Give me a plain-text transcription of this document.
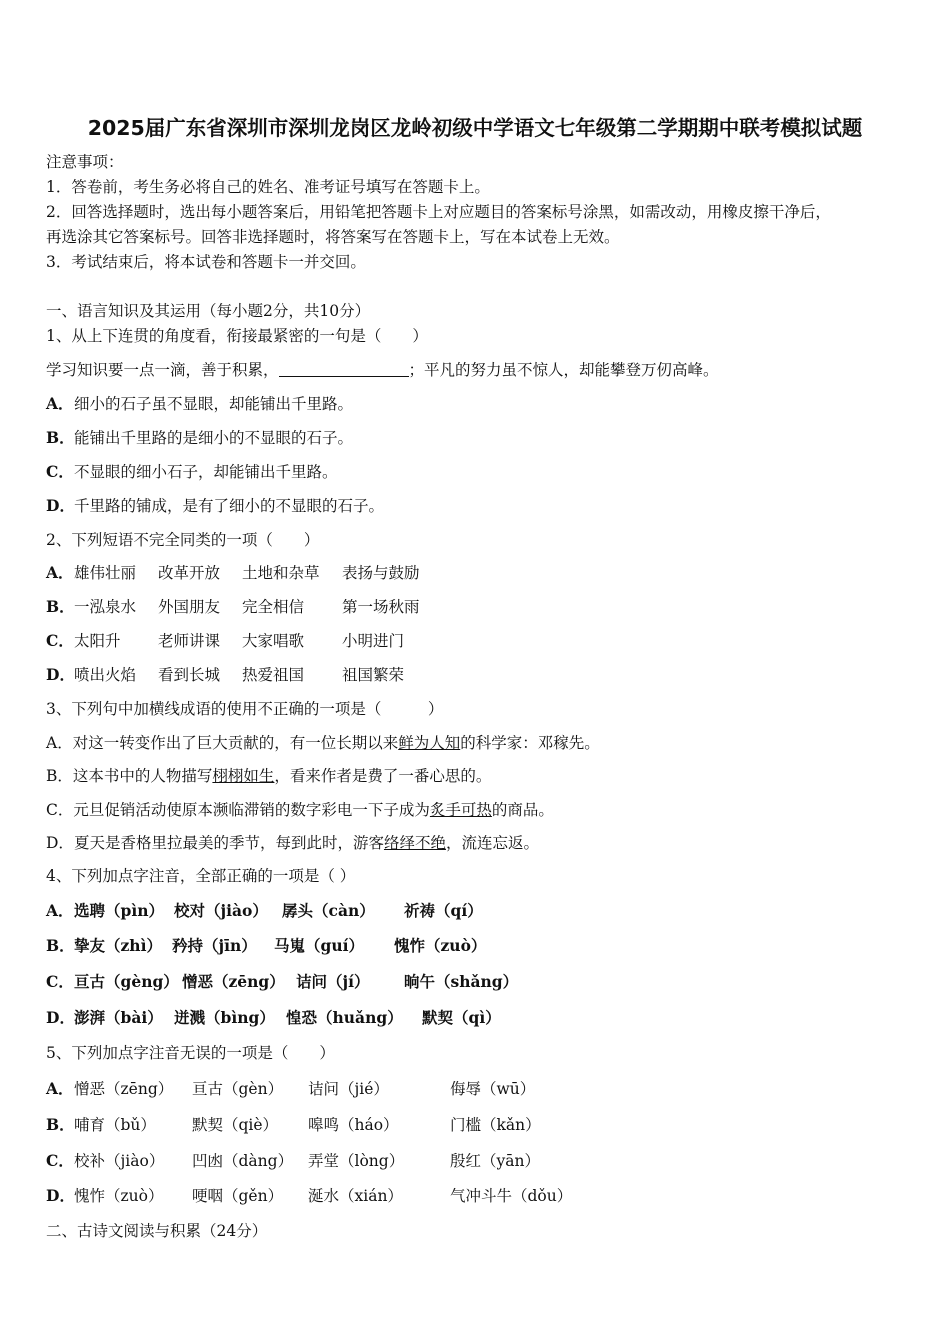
2025届广东省深圳市深圳龙岗区龙岭初级中学语文七年级第二学期期中联考模拟试题
注意事项：
1．答卷前，考生务必将自己的姓名、准考证号填写在答题卡上。
2．回答选择题时，选出每小题答案后，用铅笔把答题卡上对应题目的答案标号涂黑，如需改动，用橡皮擦干净后，
再选涂其它答案标号。回答非选择题时，将答案写在答题卡上，写在本试卷上无效。
3．考试结束后，将本试卷和答题卡一并交回。
一、语言知识及其运用（每小题2分，共10分）
1、从上下连贯的角度看，衔接最紧密的一句是（　　）
学习知识要一点一滴，善于积累，	；平凡的努力虽不惊人，却能攀登万仞高峰。
A．细小的石子虽不显眼，却能铺出千里路。
B．能铺出千里路的是细小的不显眼的石子。
C．不显眼的细小石子，却能铺出千里路。
D．千里路的铺成，是有了细小的不显眼的石子。
2、下列短语不完全同类的一项（　　）
A． 雄伟壮丽 改革开放 土地和杂草 表扬与鼓励
B． 一泓泉水 外国朋友 完全相信 第一场秋雨
C． 太阳升 老师讲课 大家唱歌 小明进门
D． 喷出火焰 看到长城 热爱祖国 祖国繁荣
3、下列句中加横线成语的使用不正确的一项是（　　　）
A．对这一转变作出了巨大贡献的，有一位长期以来鲜为人知的科学家：邓稼先。
B．这本书中的人物描写栩栩如生，看来作者是费了一番心思的。
C．元旦促销活动使原本濒临滞销的数字彩电一下子成为炙手可热的商品。
D．夏天是香格里拉最美的季节，每到此时，游客络绎不绝，流连忘返。
4、下列加点字注音，全部正确的一项是（ ）
A． 选聘（pìn） 校对（jiào） 孱头（càn） 祈祷（qí）
B． 挚友（zhì） 矜持（jīn） 马嵬（guí） 愧怍（zuò）
C． 亘古（gèng） 憎恶（zēng） 诘问（jí） 晌午（shǎng）
D． 澎湃（bài） 迸溅（bìng） 惶恐（huǎng） 默契（qì）
5、下列加点字注音无误的一项是（　　）
A． 憎恶（zēng） 亘古（gèn） 诘问（jié）	侮辱（wū）
B． 哺育（bǔ） 默契（qiè） 嗥鸣（háo）	门槛（kǎn）
C． 校补（jiào） 凹凼（dàng） 弄堂（lòng）	殷红（yān）
D． 愧怍（zuò） 哽咽（gěn） 涎水（xián）	气冲斗牛（dǒu）
二、古诗文阅读与积累（24分）
